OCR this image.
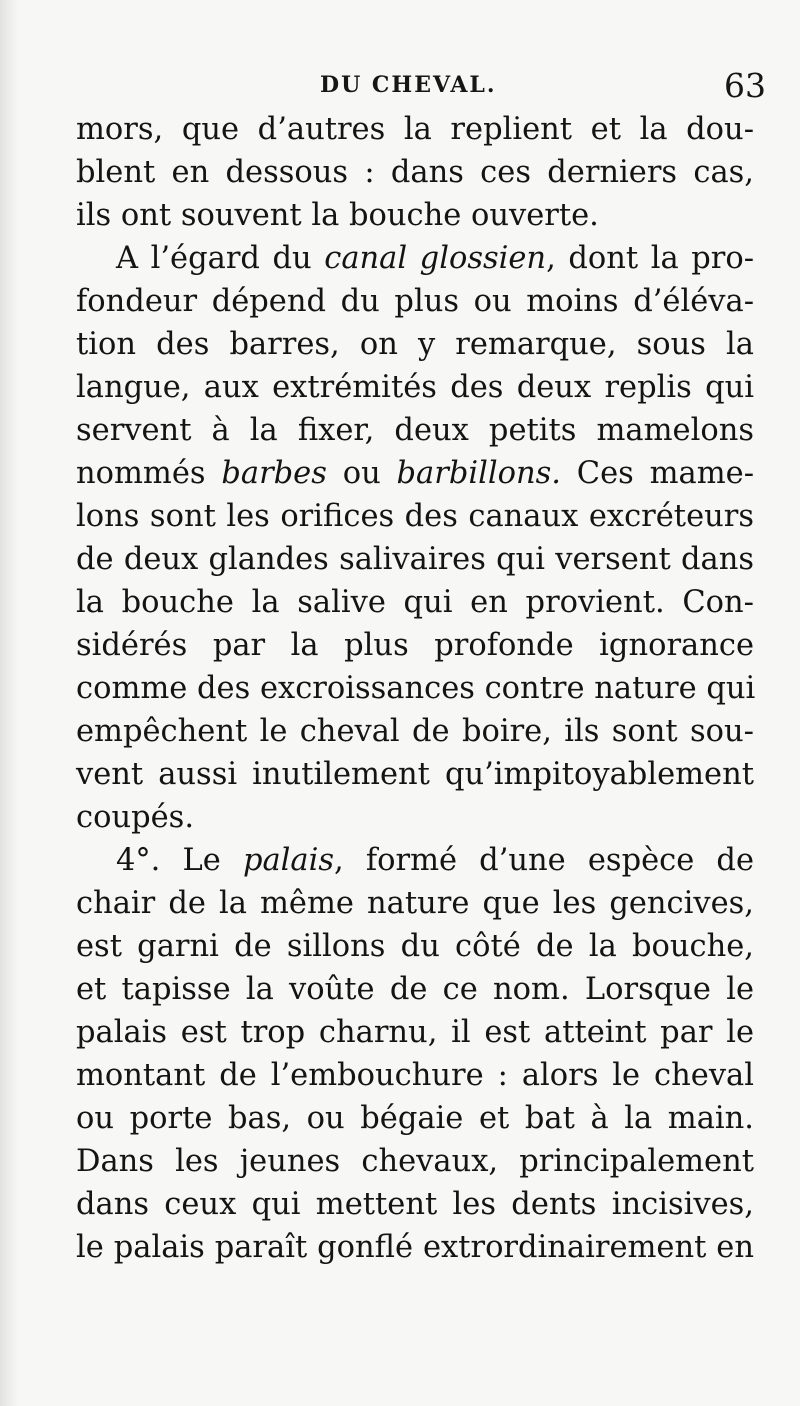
DU CHEVAL.	63
mors, que d’autres la replient et la dou-
blent en dessous : dans ces derniers cas,
ils ont souvent la bouche ouverte.
A l’égard du canal glossien, dont la pro-
fondeur dépend du plus ou moins d’éléva-
tion des barres, on y remarque, sous la
langue, aux extrémités des deux replis qui
servent à la fixer, deux petits mamelons
nommés barbes ou barbillons. Ces mame-
lons sont les orifices des canaux excréteurs
de deux glandes salivaires qui versent dans
la bouche la salive qui en provient. Con-
sidérés par la plus profonde ignorance
comme des excroissances contre nature qui
empêchent le cheval de boire, ils sont sou-
vent aussi inutilement qu’impitoyablement
coupés.
4°. Le palais, formé d’une espèce de
chair de la même nature que les gencives,
est garni de sillons du côté de la bouche,
et tapisse la voûte de ce nom. Lorsque le
palais est trop charnu, il est atteint par le
montant de l’embouchure : alors le cheval
ou porte bas, ou bégaie et bat à la main.
Dans les jeunes chevaux, principalement
dans ceux qui mettent les dents incisives,
le palais paraît gonflé extrordinairement en
